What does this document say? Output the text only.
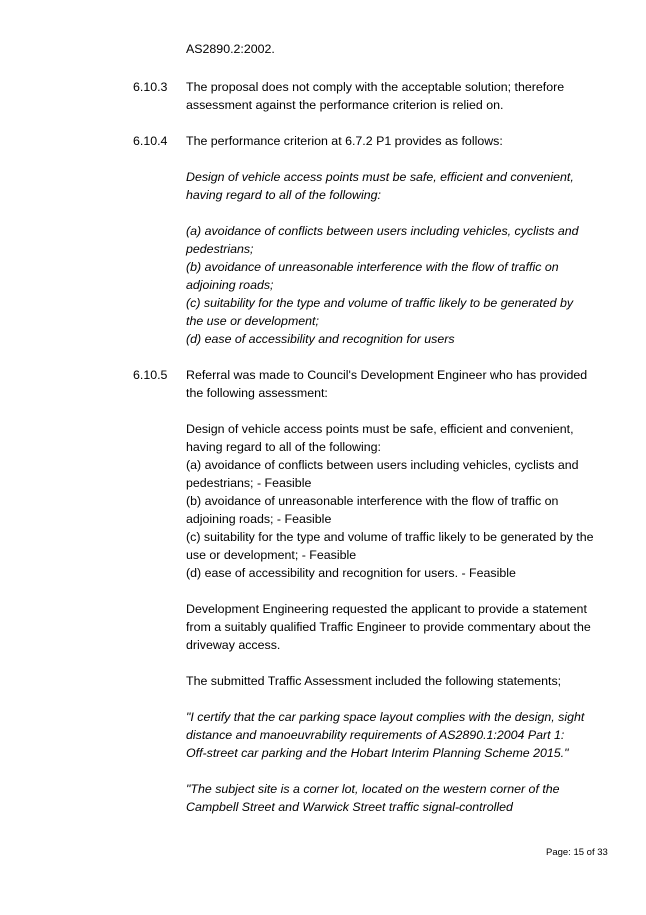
AS2890.2:2002.
6.10.3 The proposal does not comply with the acceptable solution; therefore
assessment against the performance criterion is relied on.
6.10.4 The performance criterion at 6.7.2 P1 provides as follows:
Design of vehicle access points must be safe, efficient and convenient,
having regard to all of the following:
(a) avoidance of conflicts between users including vehicles, cyclists and
pedestrians;
(b) avoidance of unreasonable interference with the flow of traffic on
adjoining roads;
(c) suitability for the type and volume of traffic likely to be generated by
the use or development;
(d) ease of accessibility and recognition for users
6.10.5 Referral was made to Council's Development Engineer who has provided
the following assessment:
Design of vehicle access points must be safe, efficient and convenient,
having regard to all of the following:
(a) avoidance of conflicts between users including vehicles, cyclists and
pedestrians; - Feasible
(b) avoidance of unreasonable interference with the flow of traffic on
adjoining roads; - Feasible
(c) suitability for the type and volume of traffic likely to be generated by the
use or development; - Feasible
(d) ease of accessibility and recognition for users. - Feasible
Development Engineering requested the applicant to provide a statement
from a suitably qualified Traffic Engineer to provide commentary about the
driveway access.
The submitted Traffic Assessment included the following statements;
"I certify that the car parking space layout complies with the design, sight
distance and manoeuvrability requirements of AS2890.1:2004 Part 1:
Off-street car parking and the Hobart Interim Planning Scheme 2015."
"The subject site is a corner lot, located on the western corner of the
Campbell Street and Warwick Street traffic signal-controlled
Page: 15 of 33
